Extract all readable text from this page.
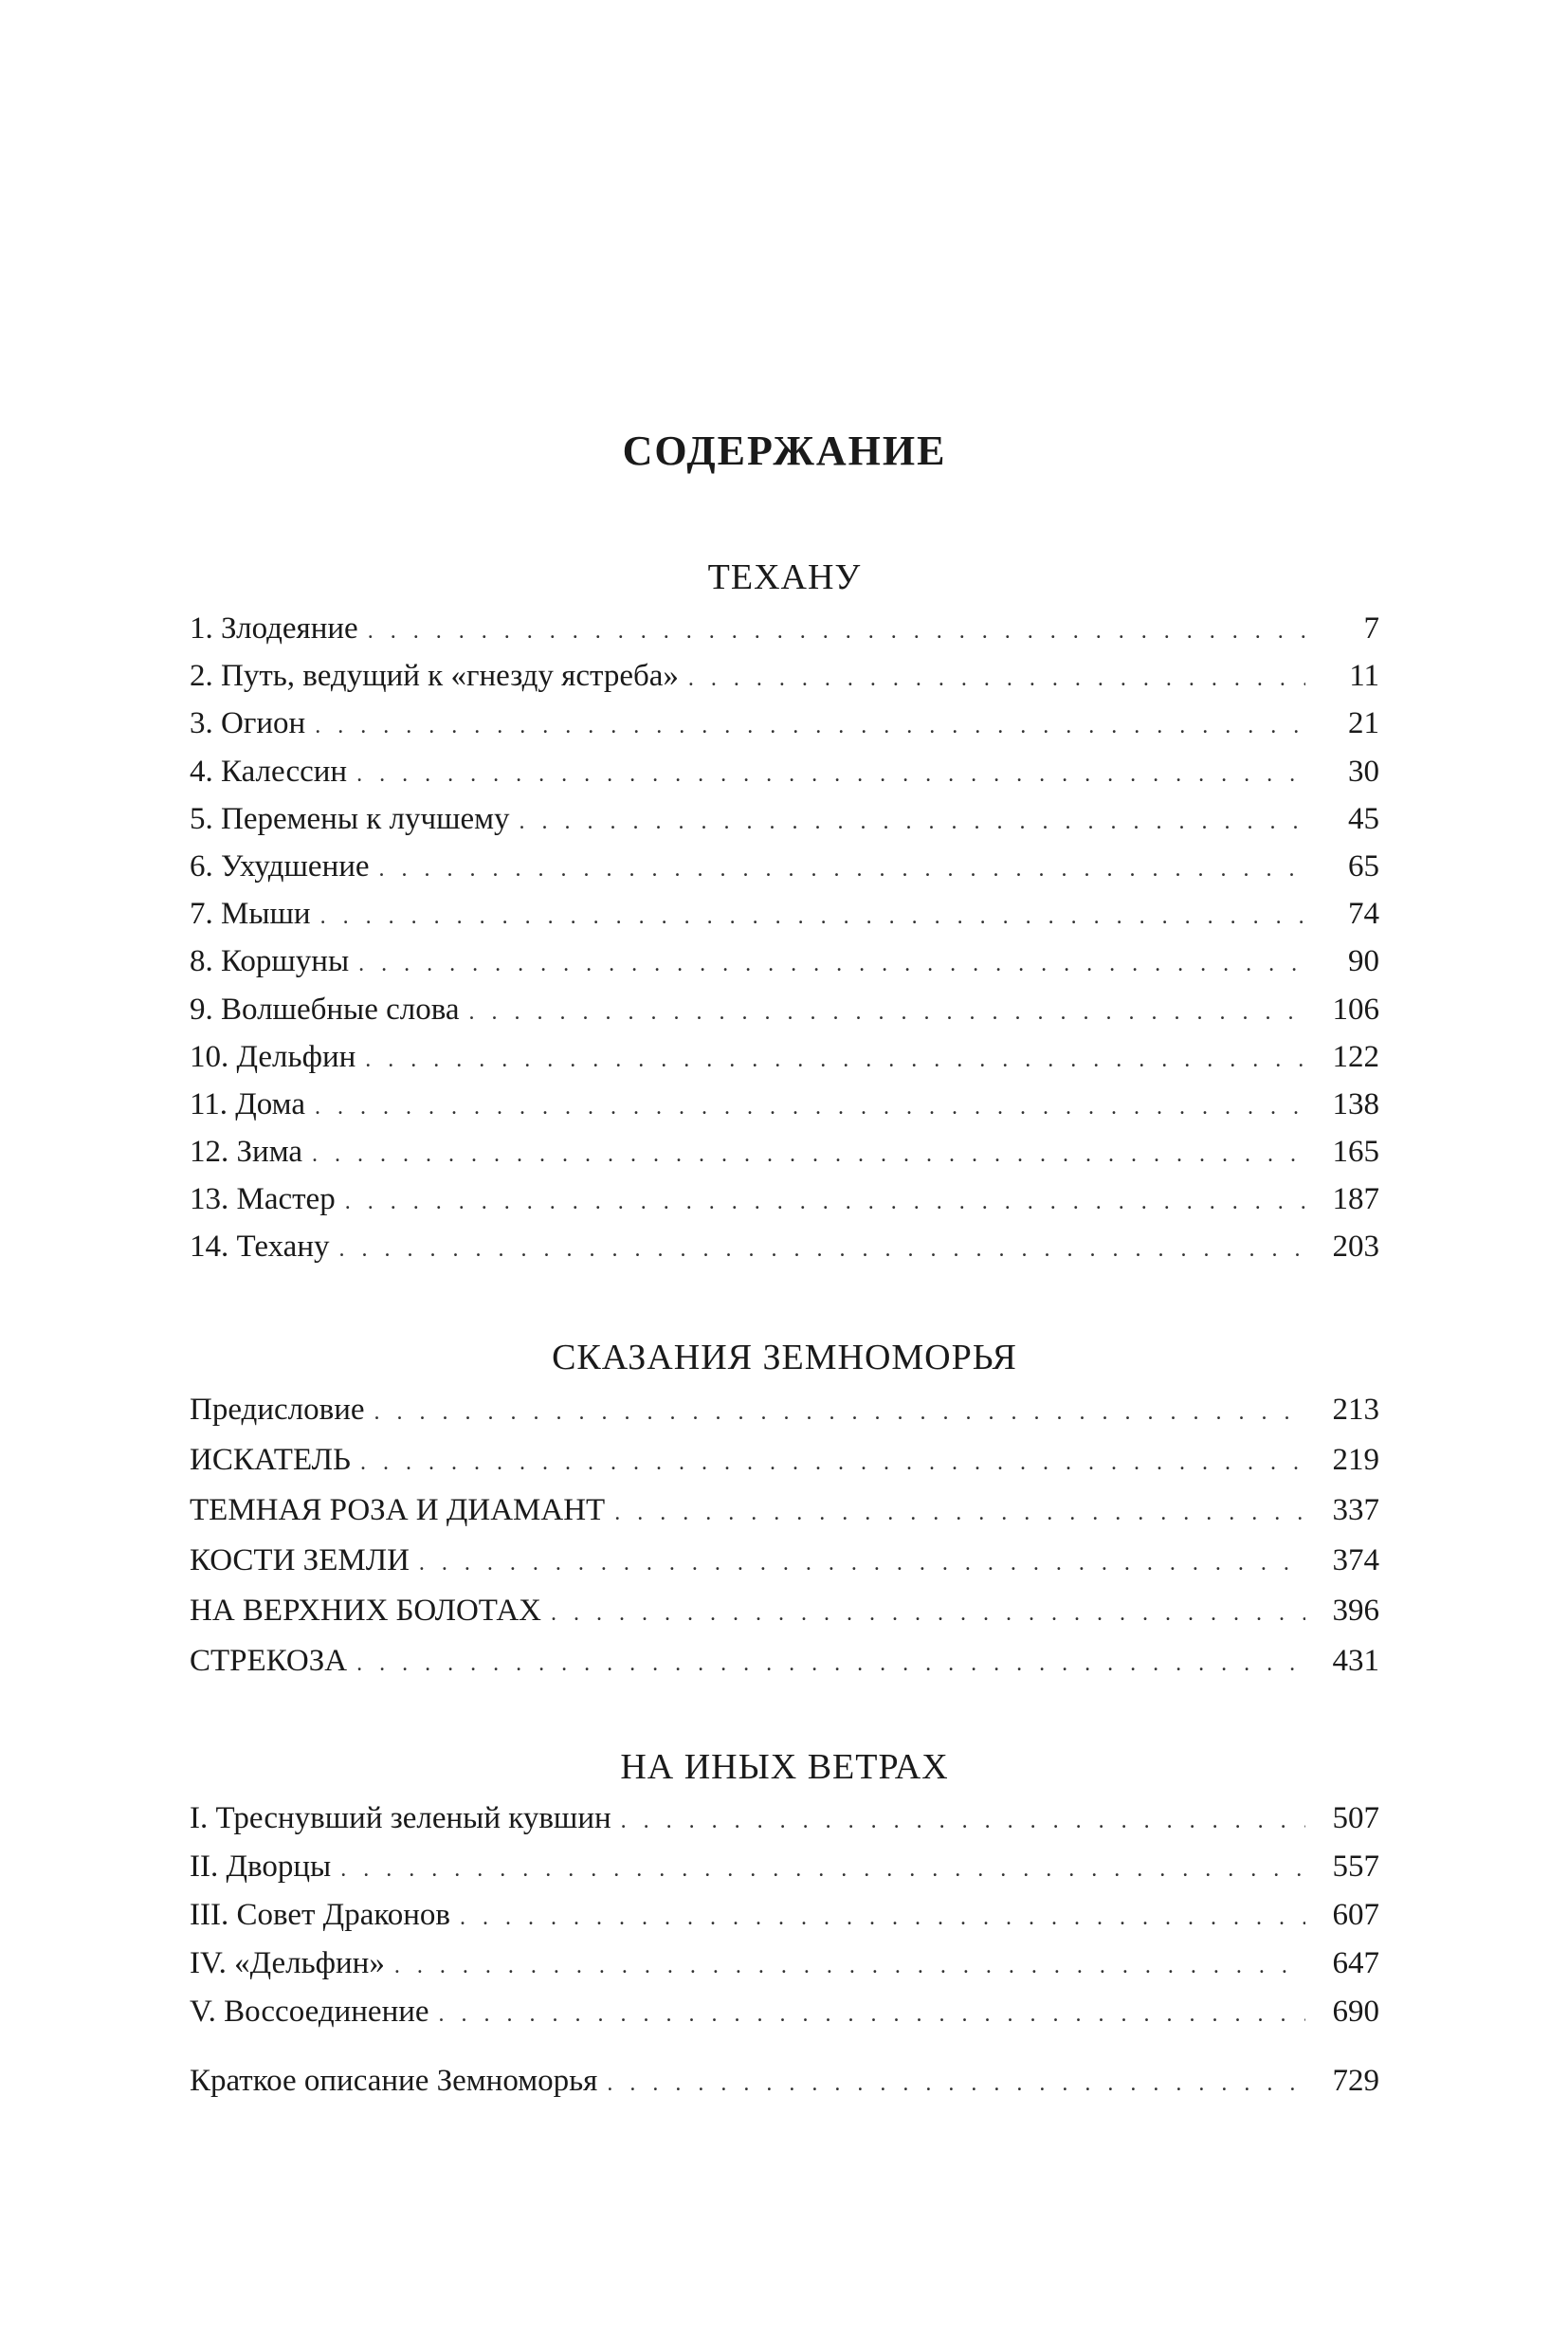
СОДЕРЖАНИЕ
ТЕХАНУ
1. Злодеяние . . .	7
2. Путь, ведущий к «гнезду ястреба» . . .	11
3. Огион . . .	21
4. Калессин . . .	30
5. Перемены к лучшему . . .	45
6. Ухудшение . . .	65
7. Мыши . . .	74
8. Коршуны . . .	90
9. Волшебные слова . . .	106
10. Дельфин . . .	122
11. Дома . . .	138
12. Зима . . .	165
13. Мастер . . .	187
14. Техану . . .	203
СКАЗАНИЯ ЗЕМНОМОРЬЯ
Предисловие . . .	213
ИСКАТЕЛЬ . . .	219
ТЕМНАЯ РОЗА И ДИАМАНТ . . .	337
КОСТИ ЗЕМЛИ . . .	374
НА ВЕРХНИХ БОЛОТАХ . . .	396
СТРЕКОЗА . . .	431
НА ИНЫХ ВЕТРАХ
I. Треснувший зеленый кувшин . . .	507
II. Дворцы . . .	557
III. Совет Драконов . . .	607
IV. «Дельфин» . . .	647
V. Воссоединение . . .	690
Краткое описание Земноморья . . .	729
